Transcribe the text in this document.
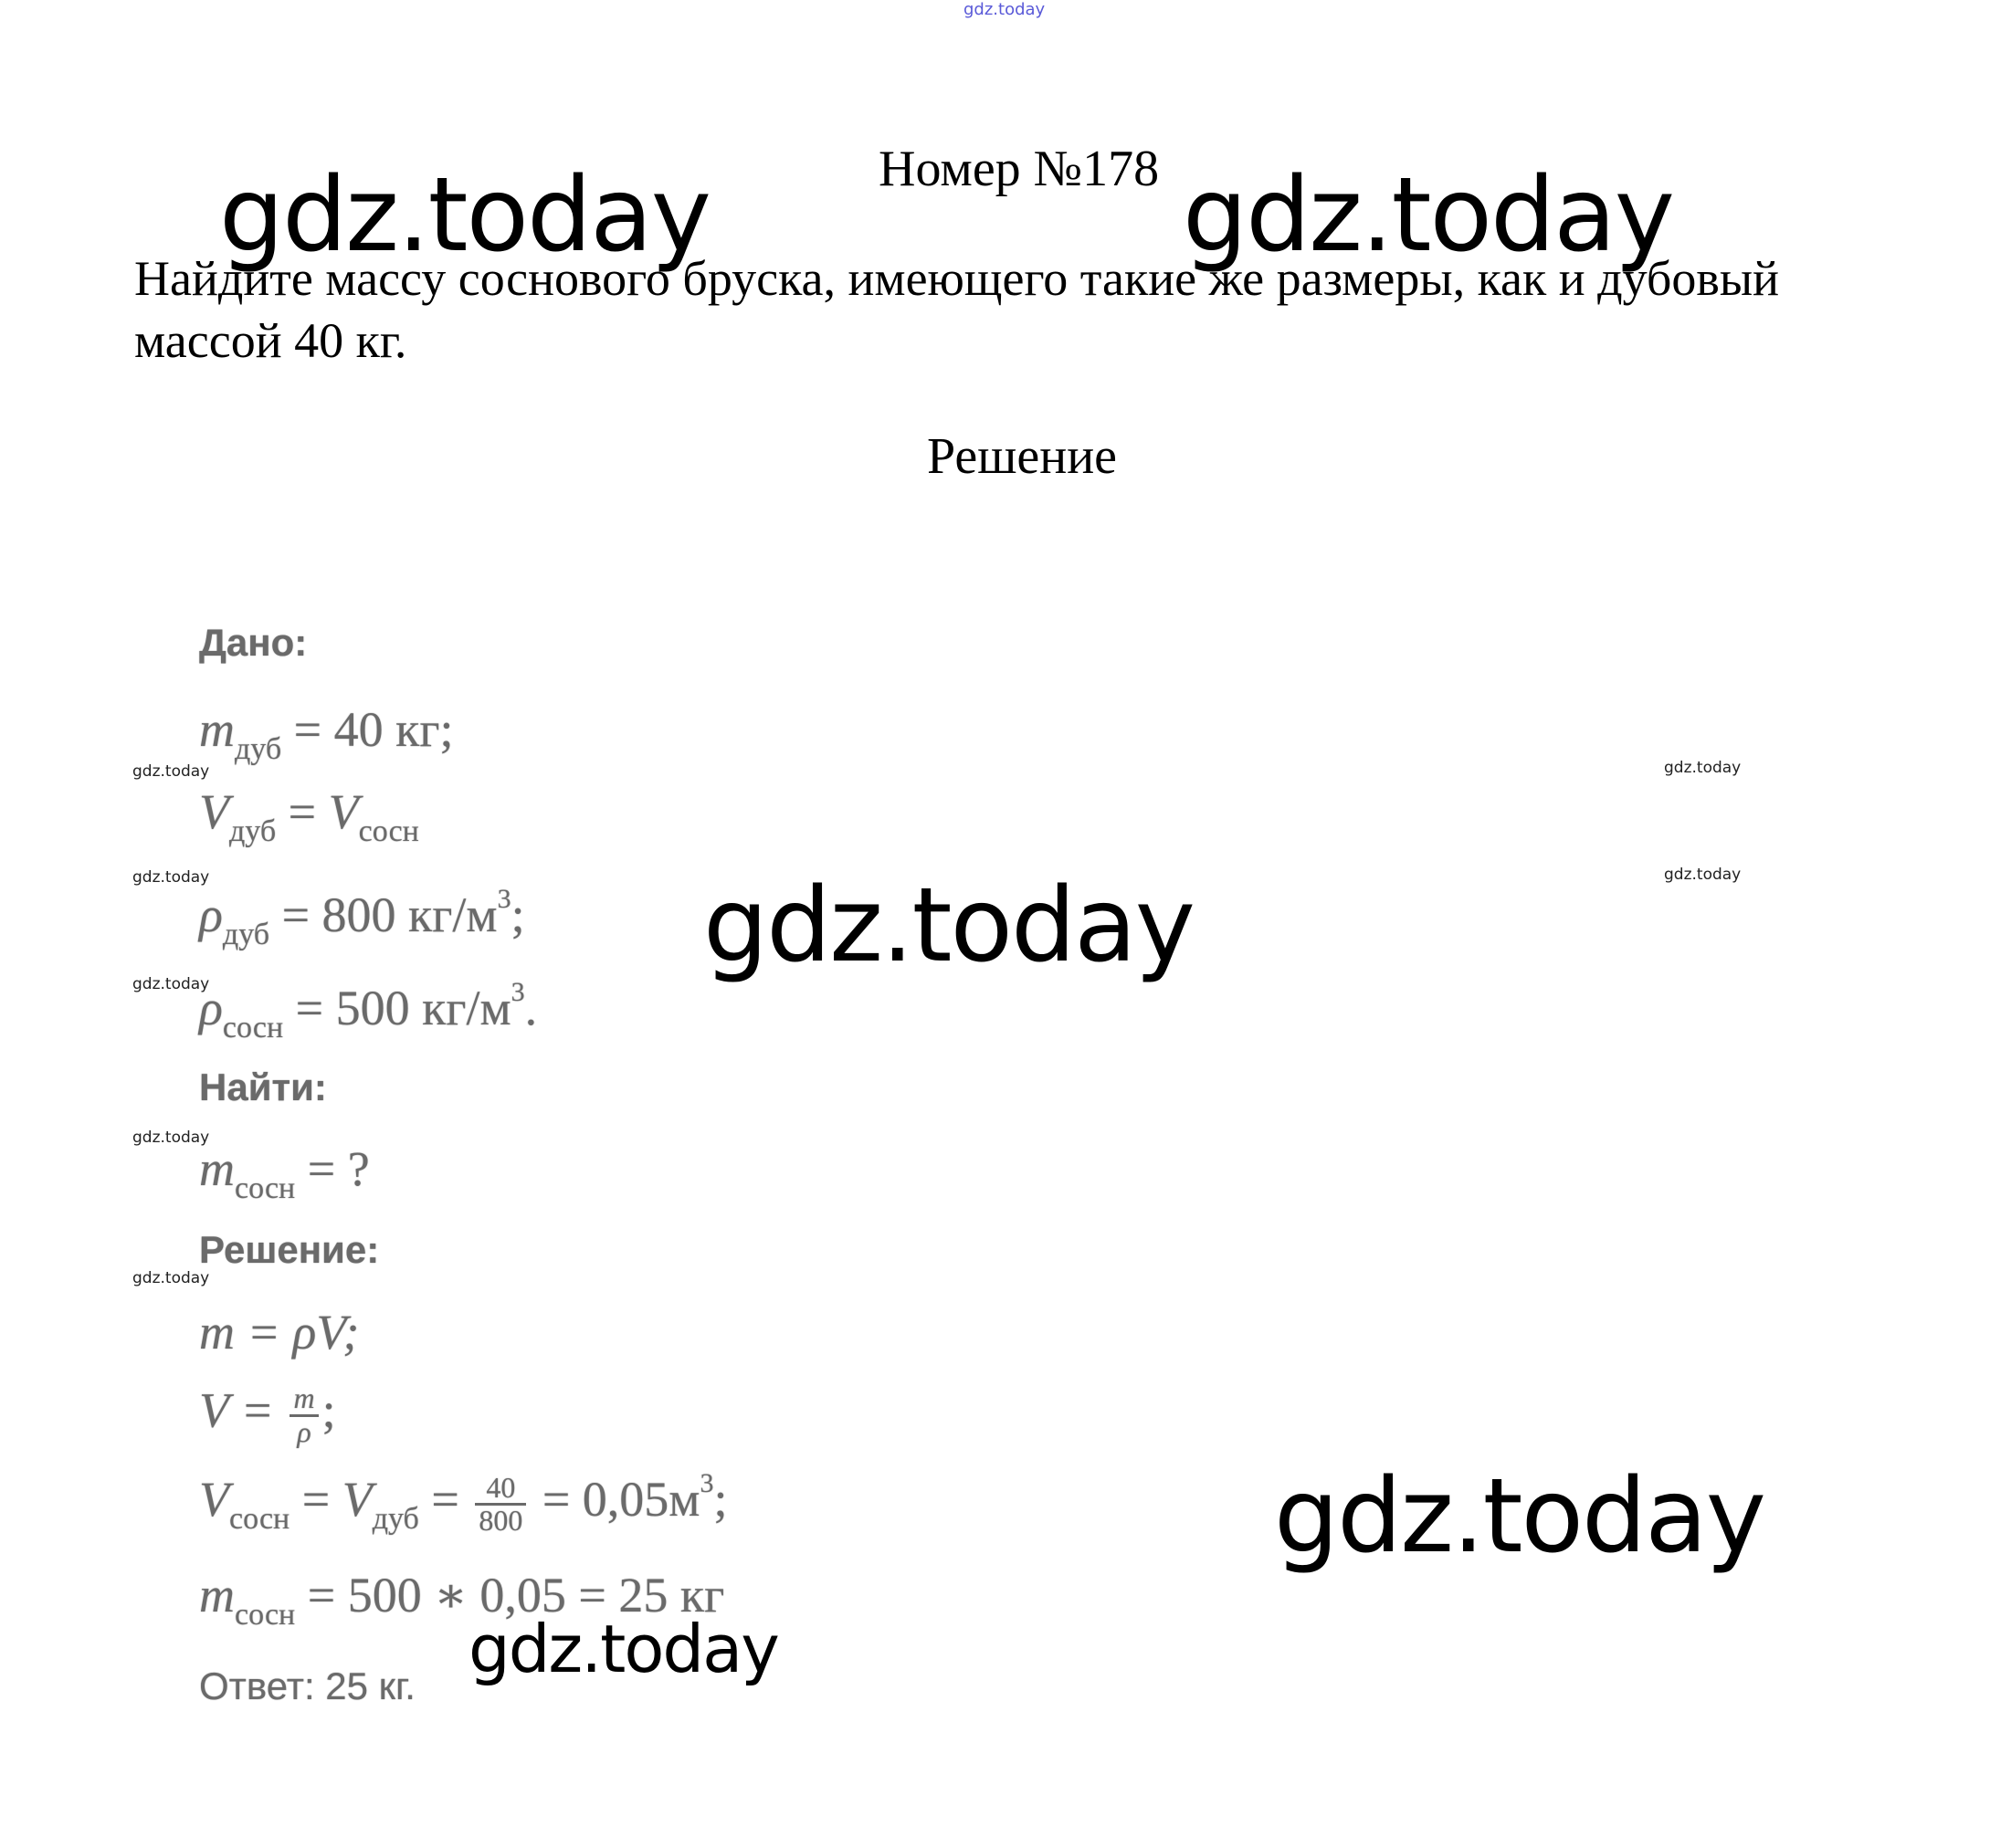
gdz.today
gdz.today	gdz.today
gdz.today
gdz.today
gdz.today
gdz.today
gdz.today
gdz.today
gdz.today
gdz.today
gdz.today
gdz.today
Номер №178
Найдите массу соснового бруска, имеющего такие же размеры, как и дубовый массой 40 кг.
Решение
Дано:
$m_{дуб} = 40$ кг;
$V_{дуб} = V_{сосн}$
$\rho_{дуб} = 800$ $кг/м^3$;
$\rho_{сосн} = 500$ $кг/м^3$.
Найти:
$m_{сосн}$ = ?
Решение:
m = ρV;
$V = \frac{m}{\rho}$ ;
$V_{сосн} = V_{дуб} = \frac{40}{800} = 0,05м^3$;
$m_{сосн} = 500$ ∗ 0,05 = 25 кг
Ответ: 25 кг.
